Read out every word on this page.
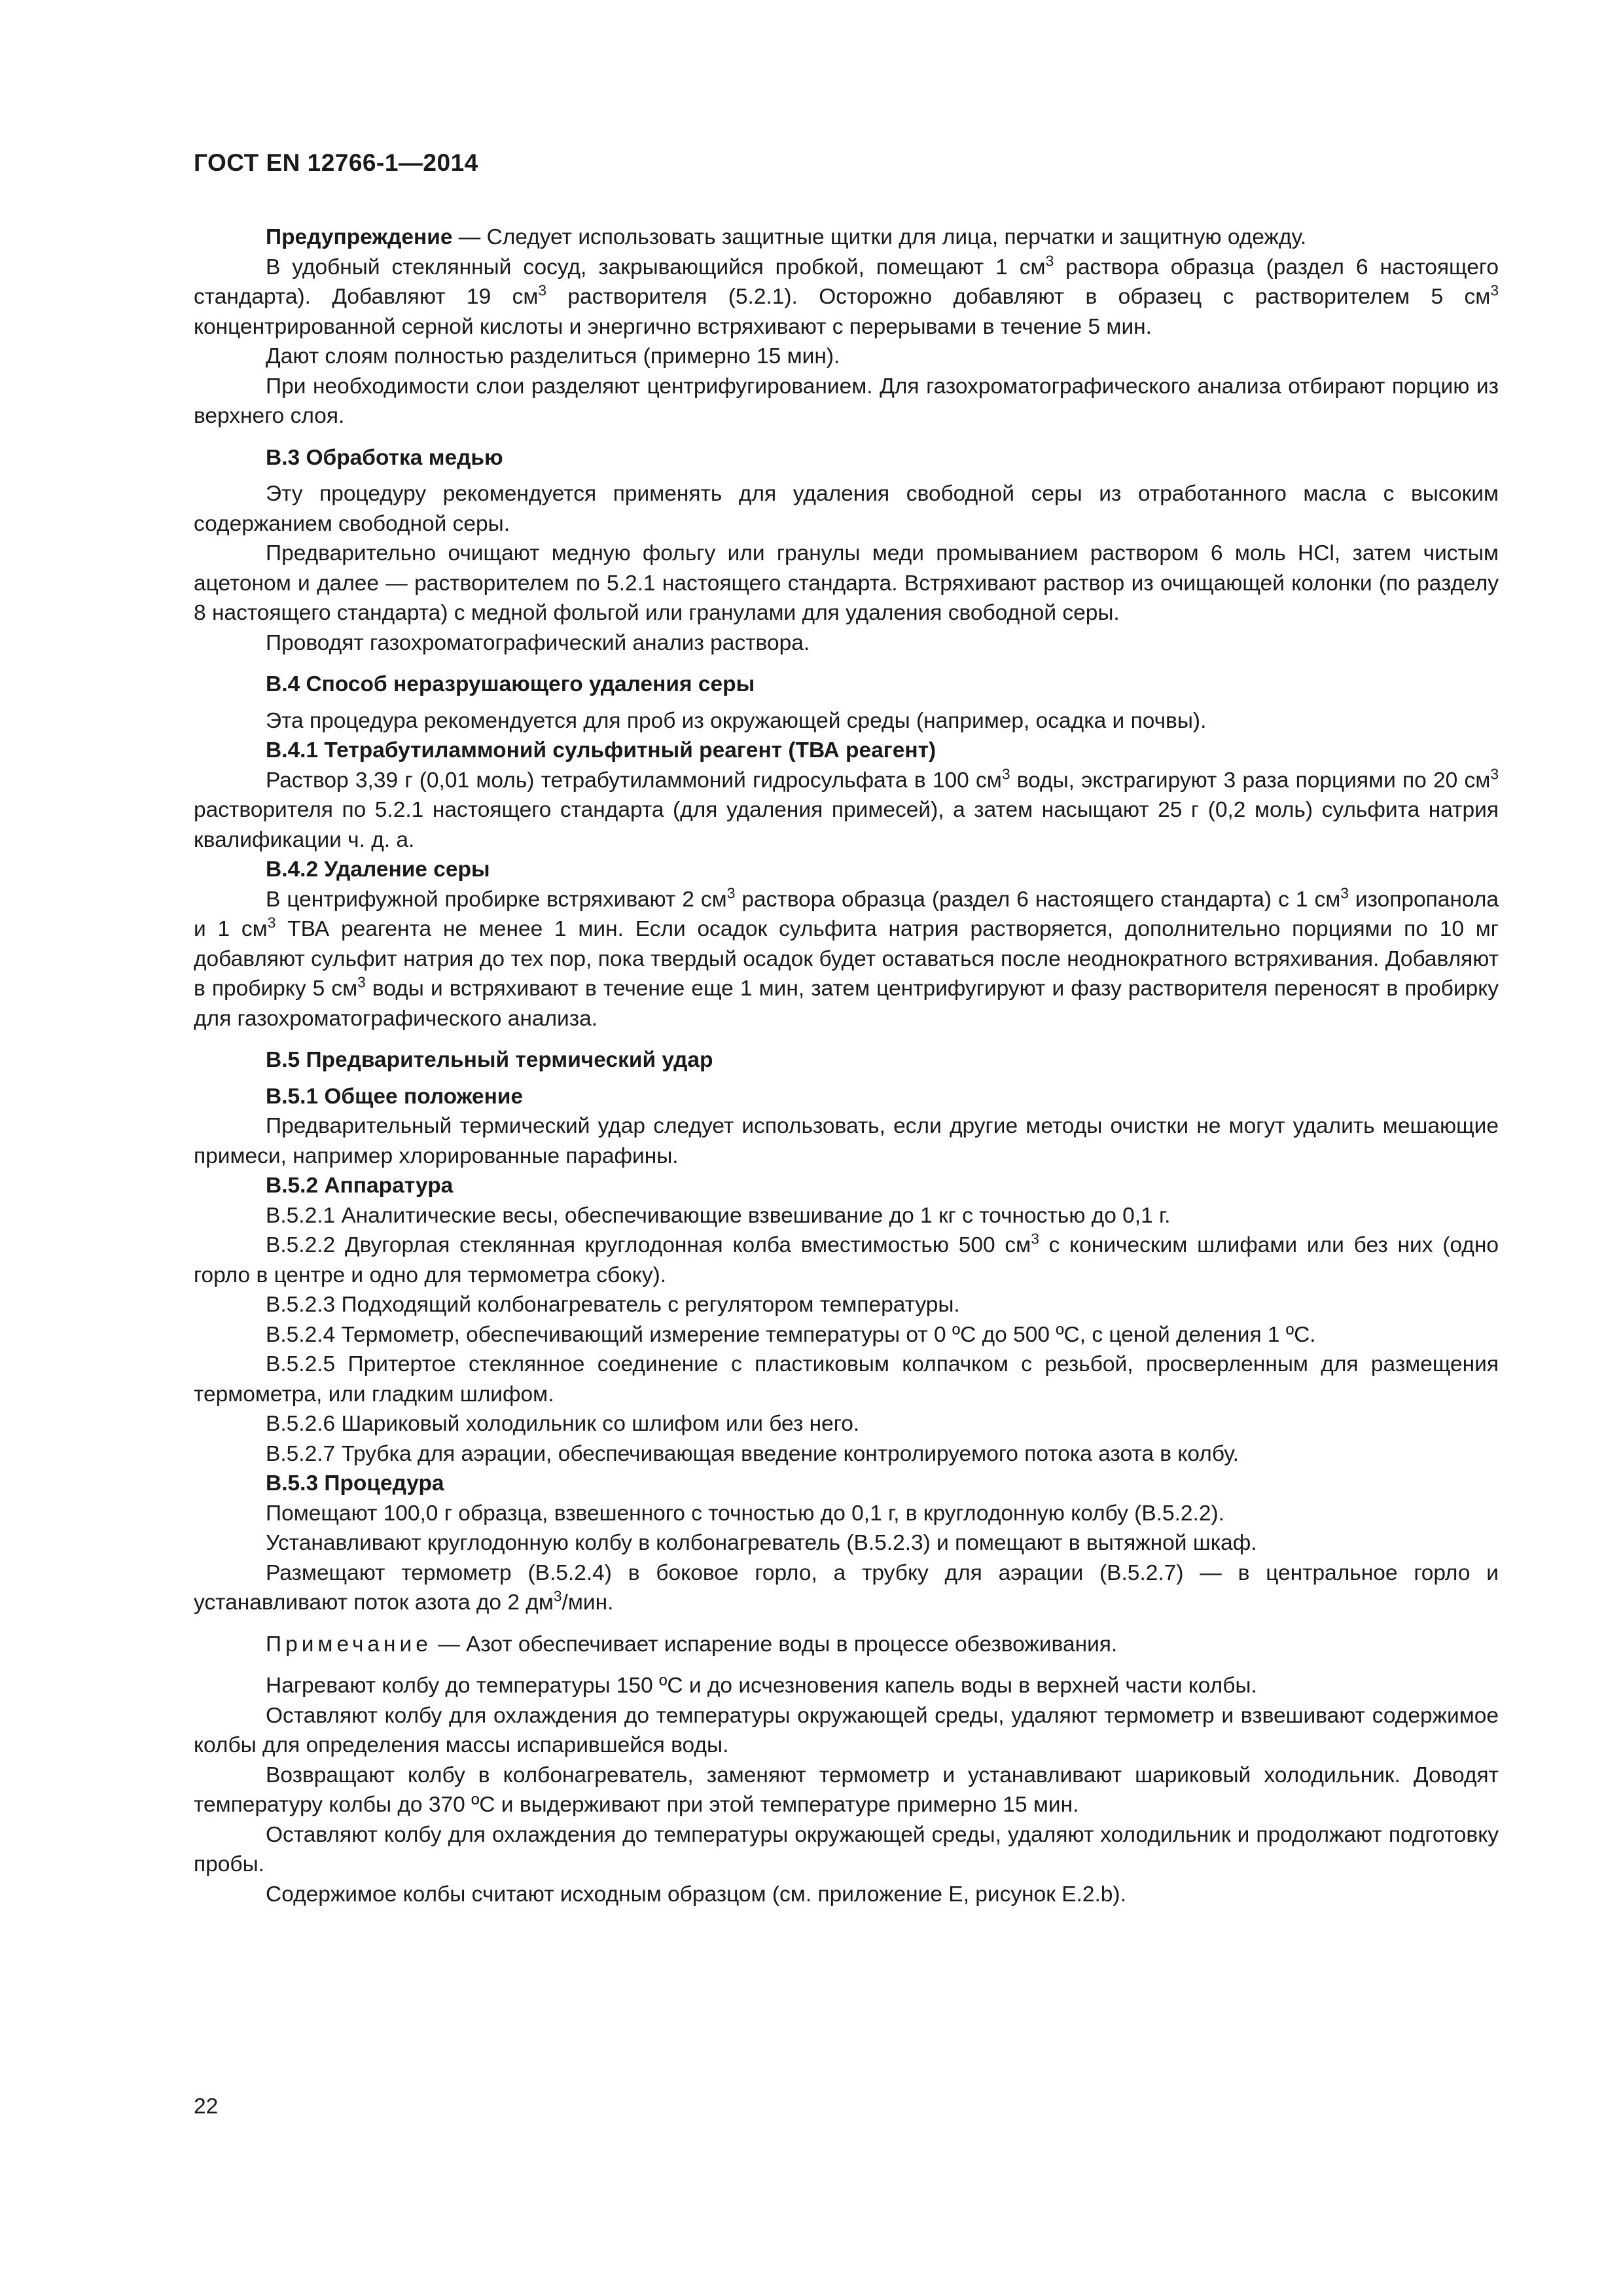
ГОСТ EN 12766-1—2014

Предупреждение — Следует использовать защитные щитки для лица, перчатки и защитную одежду.

В удобный стеклянный сосуд, закрывающийся пробкой, помещают 1 $см^3$ раствора образца (раздел 6 настоящего стандарта). Добавляют 19 $см^3$ растворителя (5.2.1). Осторожно добавляют в образец с растворителем 5 $см^3$ концентрированной серной кислоты и энергично встряхивают с перерывами в течение 5 мин.

Дают слоям полностью разделиться (примерно 15 мин).

При необходимости слои разделяют центрифугированием. Для газохроматографического анализа отбирают порцию из верхнего слоя.

B.3 Обработка медью

Эту процедуру рекомендуется применять для удаления свободной серы из отработанного масла с высоким содержанием свободной серы.

Предварительно очищают медную фольгу или гранулы меди промыванием раствором 6 моль HCl, затем чистым ацетоном и далее — растворителем по 5.2.1 настоящего стандарта. Встряхивают раствор из очищающей колонки (по разделу 8 настоящего стандарта) с медной фольгой или гранулами для удаления свободной серы.

Проводят газохроматографический анализ раствора.

B.4 Способ неразрушающего удаления серы

Эта процедура рекомендуется для проб из окружающей среды (например, осадка и почвы).

B.4.1 Тетрабутиламмоний сульфитный реагент (ТВА реагент)

Раствор 3,39 г (0,01 моль) тетрабутиламмоний гидросульфата в 100 $см^3$ воды, экстрагируют 3 раза порциями по 20 $см^3$ растворителя по 5.2.1 настоящего стандарта (для удаления примесей), а затем насыщают 25 г (0,2 моль) сульфита натрия квалификации ч. д. а.

B.4.2 Удаление серы

В центрифужной пробирке встряхивают 2 $см^3$ раствора образца (раздел 6 настоящего стандарта) с 1 $см^3$ изопропанола и 1 $см^3$ ТВА реагента не менее 1 мин. Если осадок сульфита натрия растворяется, дополнительно порциями по 10 мг добавляют сульфит натрия до тех пор, пока твердый осадок будет оставаться после неоднократного встряхивания. Добавляют в пробирку 5 $см^3$ воды и встряхивают в течение еще 1 мин, затем центрифугируют и фазу растворителя переносят в пробирку для газохроматографического анализа.

B.5 Предварительный термический удар

B.5.1 Общее положение

Предварительный термический удар следует использовать, если другие методы очистки не могут удалить мешающие примеси, например хлорированные парафины.

B.5.2 Аппаратура

B.5.2.1 Аналитические весы, обеспечивающие взвешивание до 1 кг с точностью до 0,1 г.

B.5.2.2 Двугорлая стеклянная круглодонная колба вместимостью 500 $см^3$ с коническим шлифами или без них (одно горло в центре и одно для термометра сбоку).

B.5.2.3 Подходящий колбонагреватель с регулятором температуры.

B.5.2.4 Термометр, обеспечивающий измерение температуры от 0 ºС до 500 ºС, с ценой деления 1 ºС.

B.5.2.5 Притертое стеклянное соединение с пластиковым колпачком с резьбой, просверленным для размещения термометра, или гладким шлифом.

B.5.2.6 Шариковый холодильник со шлифом или без него.

B.5.2.7 Трубка для аэрации, обеспечивающая введение контролируемого потока азота в колбу.

B.5.3 Процедура

Помещают 100,0 г образца, взвешенного с точностью до 0,1 г, в круглодонную колбу (B.5.2.2).

Устанавливают круглодонную колбу в колбонагреватель (B.5.2.3) и помещают в вытяжной шкаф.

Размещают термометр (B.5.2.4) в боковое горло, а трубку для аэрации (B.5.2.7) — в центральное горло и устанавливают поток азота до 2 $дм^3$/мин.

Примечание — Азот обеспечивает испарение воды в процессе обезвоживания.

Нагревают колбу до температуры 150 ºС и до исчезновения капель воды в верхней части колбы.

Оставляют колбу для охлаждения до температуры окружающей среды, удаляют термометр и взвешивают содержимое колбы для определения массы испарившейся воды.

Возвращают колбу в колбонагреватель, заменяют термометр и устанавливают шариковый холодильник. Доводят температуру колбы до 370 ºС и выдерживают при этой температуре примерно 15 мин.

Оставляют колбу для охлаждения до температуры окружающей среды, удаляют холодильник и продолжают подготовку пробы.

Содержимое колбы считают исходным образцом (см. приложение E, рисунок E.2.b).

22
